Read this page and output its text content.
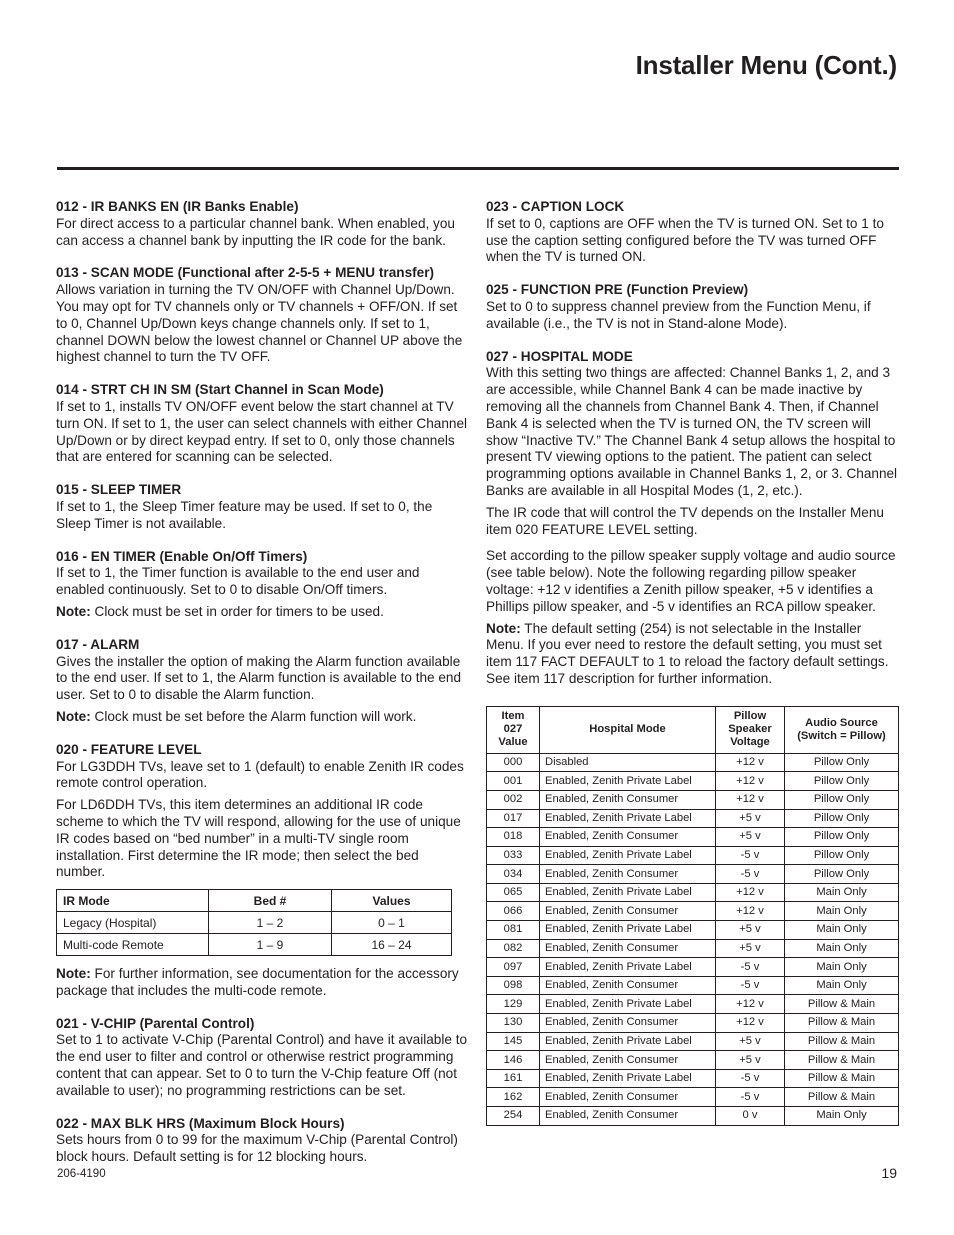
Installer Menu (Cont.)
012 - IR BANKS EN (IR Banks Enable)

For direct access to a particular channel bank. When enabled, you can access a channel bank by inputting the IR code for the bank.

013 - SCAN MODE (Functional after 2-5-5 + MENU transfer)

Allows variation in turning the TV ON/OFF with Channel Up/Down. You may opt for TV channels only or TV channels + OFF/ON. If set to 0, Channel Up/Down keys change channels only. If set to 1, channel DOWN below the lowest channel or Channel UP above the highest channel to turn the TV OFF.

014 - STRT CH IN SM (Start Channel in Scan Mode)

If set to 1, installs TV ON/OFF event below the start channel at TV turn ON. If set to 1, the user can select channels with either Channel Up/Down or by direct keypad entry. If set to 0, only those channels that are entered for scanning can be selected.

015 - SLEEP TIMER

If set to 1, the Sleep Timer feature may be used. If set to 0, the Sleep Timer is not available.

016 - EN TIMER (Enable On/Off Timers)

If set to 1, the Timer function is available to the end user and enabled continuously. Set to 0 to disable On/Off timers.

Note: Clock must be set in order for timers to be used.

017 - ALARM

Gives the installer the option of making the Alarm function available to the end user. If set to 1, the Alarm function is available to the end user. Set to 0 to disable the Alarm function.

Note: Clock must be set before the Alarm function will work.

020 - FEATURE LEVEL

For LG3DDH TVs, leave set to 1 (default) to enable Zenith IR codes remote control operation.

For LD6DDH TVs, this item determines an additional IR code scheme to which the TV will respond, allowing for the use of unique IR codes based on “bed number” in a multi-TV single room installation. First determine the IR mode; then select the bed number.

IR Mode	Bed #	Values
Legacy (Hospital)	1 – 2	0 – 1
Multi-code Remote	1 – 9	16 – 24

Note: For further information, see documentation for the accessory package that includes the multi-code remote.

021 - V-CHIP (Parental Control)

Set to 1 to activate V-Chip (Parental Control) and have it available to the end user to filter and control or otherwise restrict programming content that can appear. Set to 0 to turn the V-Chip feature Off (not available to user); no programming restrictions can be set.

022 - MAX BLK HRS (Maximum Block Hours)

Sets hours from 0 to 99 for the maximum V-Chip (Parental Control) block hours. Default setting is for 12 blocking hours.

023 - CAPTION LOCK

If set to 0, captions are OFF when the TV is turned ON. Set to 1 to use the caption setting configured before the TV was turned OFF when the TV is turned ON.

025 - FUNCTION PRE (Function Preview)

Set to 0 to suppress channel preview from the Function Menu, if available (i.e., the TV is not in Stand-alone Mode).

027 - HOSPITAL MODE

With this setting two things are affected: Channel Banks 1, 2, and 3 are accessible, while Channel Bank 4 can be made inactive by removing all the channels from Channel Bank 4. Then, if Channel Bank 4 is selected when the TV is turned ON, the TV screen will show “Inactive TV.” The Channel Bank 4 setup allows the hospital to present TV viewing options to the patient. The patient can select programming options available in Channel Banks 1, 2, or 3. Channel Banks are available in all Hospital Modes (1, 2, etc.).

The IR code that will control the TV depends on the Installer Menu item 020 FEATURE LEVEL setting.

Set according to the pillow speaker supply voltage and audio source (see table below). Note the following regarding pillow speaker voltage: +12 v identifies a Zenith pillow speaker, +5 v identifies a Phillips pillow speaker, and -5 v identifies an RCA pillow speaker.

Note: The default setting (254) is not selectable in the Installer Menu. If you ever need to restore the default setting, you must set item 117 FACT DEFAULT to 1 to reload the factory default settings. See item 117 description for further information.

Item
027
Value	Hospital Mode	Pillow
Speaker
Voltage	Audio Source
(Switch = Pillow)
000	Disabled	+12 v	Pillow Only
001	Enabled, Zenith Private Label	+12 v	Pillow Only
002	Enabled, Zenith Consumer	+12 v	Pillow Only
017	Enabled, Zenith Private Label	+5 v	Pillow Only
018	Enabled, Zenith Consumer	+5 v	Pillow Only
033	Enabled, Zenith Private Label	-5 v	Pillow Only
034	Enabled, Zenith Consumer	-5 v	Pillow Only
065	Enabled, Zenith Private Label	+12 v	Main Only
066	Enabled, Zenith Consumer	+12 v	Main Only
081	Enabled, Zenith Private Label	+5 v	Main Only
082	Enabled, Zenith Consumer	+5 v	Main Only
097	Enabled, Zenith Private Label	-5 v	Main Only
098	Enabled, Zenith Consumer	-5 v	Main Only
129	Enabled, Zenith Private Label	+12 v	Pillow & Main
130	Enabled, Zenith Consumer	+12 v	Pillow & Main
145	Enabled, Zenith Private Label	+5 v	Pillow & Main
146	Enabled, Zenith Consumer	+5 v	Pillow & Main
161	Enabled, Zenith Private Label	-5 v	Pillow & Main
162	Enabled, Zenith Consumer	-5 v	Pillow & Main
254	Enabled, Zenith Consumer	0 v	Main Only
206-4190	19
